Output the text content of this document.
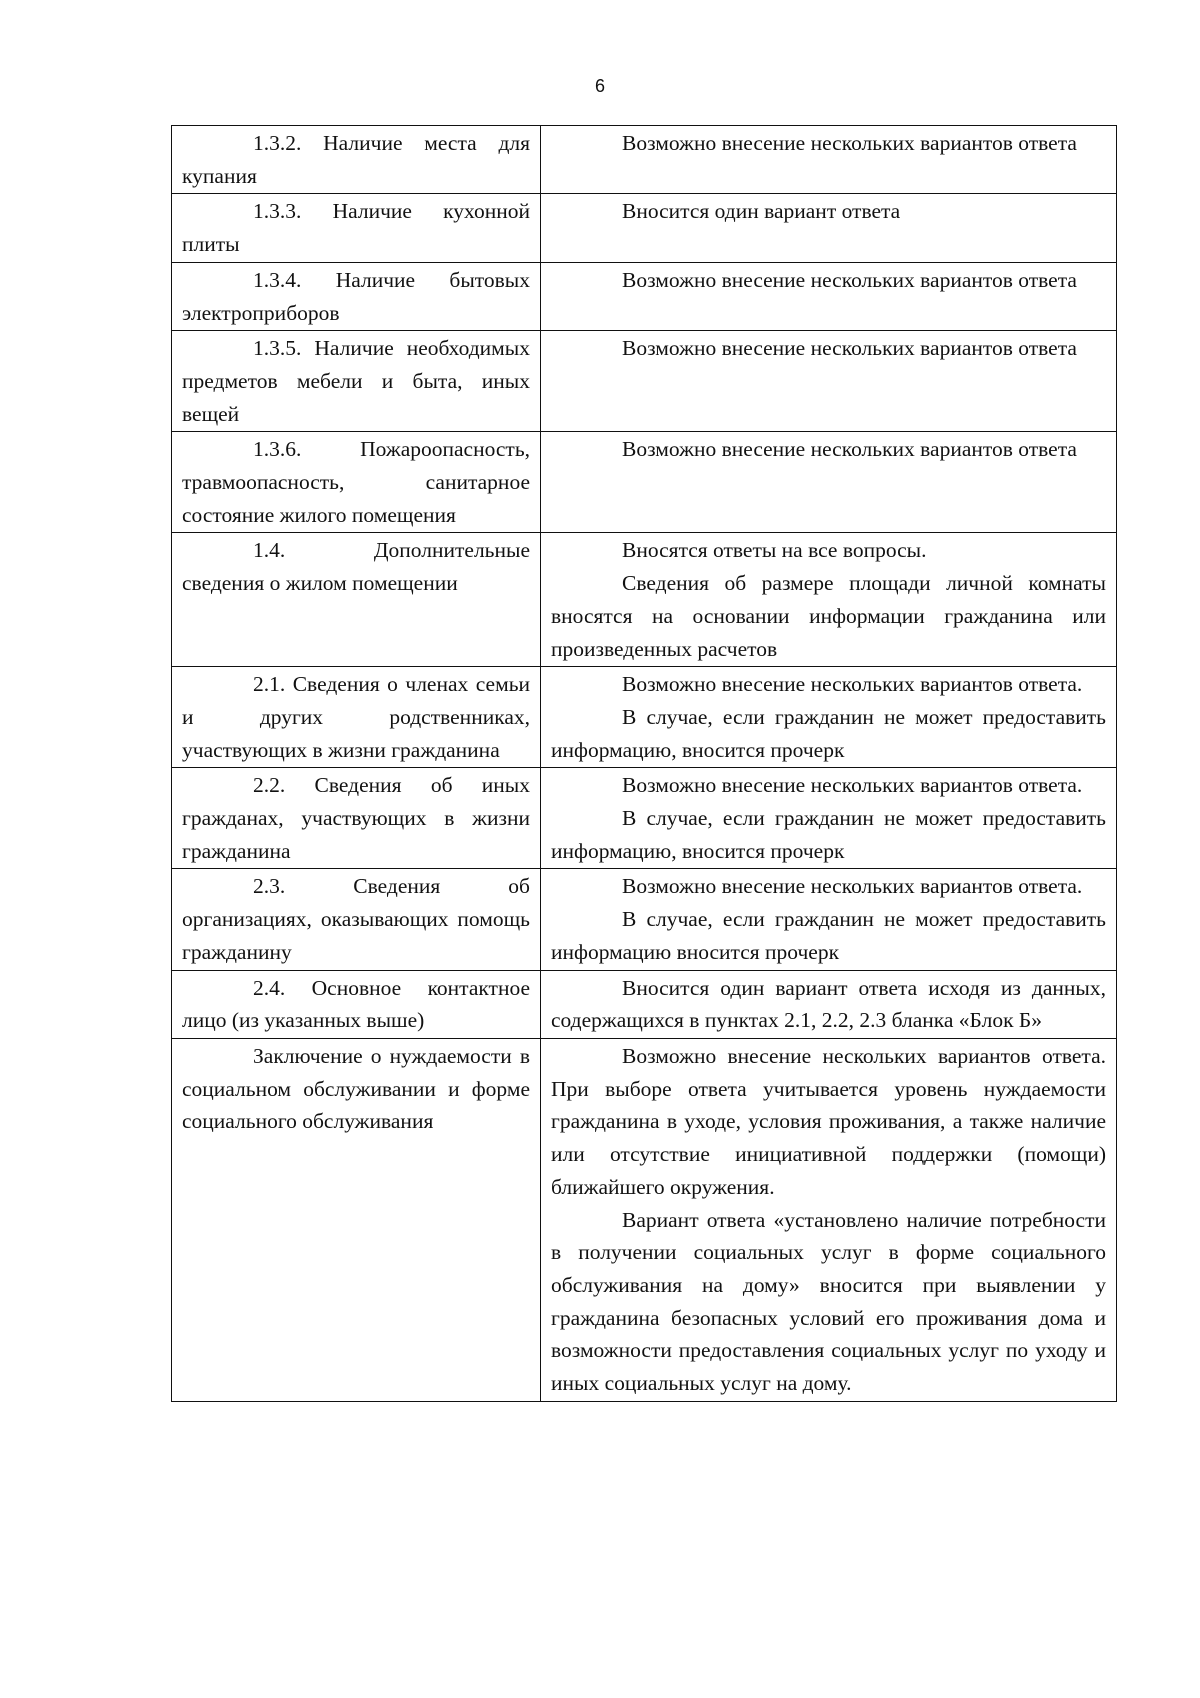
6
1.3.2. Наличие места для купания	Возможно внесение нескольких вариантов ответа

1.3.3. Наличие кухонной плиты	Вносится один вариант ответа

1.3.4. Наличие бытовых электроприборов	Возможно внесение нескольких вариантов ответа

1.3.5. Наличие необходимых предметов мебели и быта, иных вещей	Возможно внесение нескольких вариантов ответа

1.3.6. Пожароопасность, травмоопасность, санитарное состояние жилого помещения	Возможно внесение нескольких вариантов ответа

1.4. Дополнительные сведения о жилом помещении	Вносятся ответы на все вопросы.
Сведения об размере площади личной комнаты вносятся на основании информации гражданина или произведенных расчетов

2.1. Сведения о членах семьи и других родственниках, участвующих в жизни гражданина	Возможно внесение нескольких вариантов ответа.
В случае, если гражданин не может предоставить информацию, вносится прочерк

2.2. Сведения об иных гражданах, участвующих в жизни гражданина	Возможно внесение нескольких вариантов ответа.
В случае, если гражданин не может предоставить информацию, вносится прочерк

2.3. Сведения об организациях, оказывающих помощь гражданину	Возможно внесение нескольких вариантов ответа.
В случае, если гражданин не может предоставить информацию вносится прочерк

2.4. Основное контактное лицо (из указанных выше)	Вносится один вариант ответа исходя из данных, содержащихся в пунктах 2.1, 2.2, 2.3 бланка «Блок Б»

Заключение о нуждаемости в социальном обслуживании и форме социального обслуживания	Возможно внесение нескольких вариантов ответа. При выборе ответа учитывается уровень нуждаемости гражданина в уходе, условия проживания, а также наличие или отсутствие инициативной поддержки (помощи) ближайшего окружения.
Вариант ответа «установлено наличие потребности в получении социальных услуг в форме социального обслуживания на дому» вносится при выявлении у гражданина безопасных условий его проживания дома и возможности предоставления социальных услуг по уходу и иных социальных услуг на дому.
